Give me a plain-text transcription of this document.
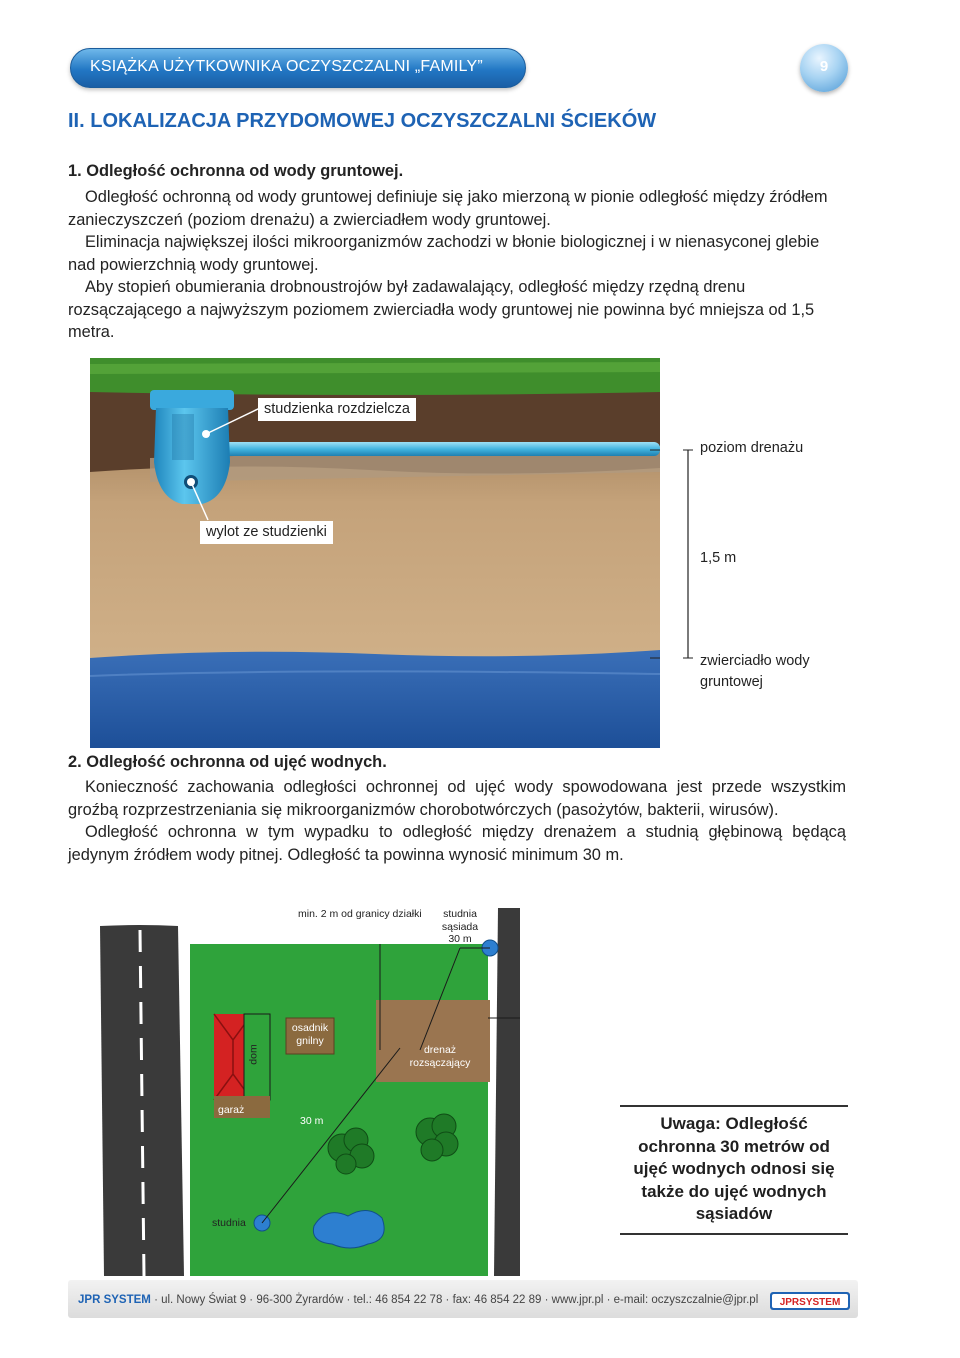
KSIĄŻKA UŻYTKOWNIKA OCZYSZCZALNI „FAMILY”	9
II. LOKALIZACJA PRZYDOMOWEJ OCZYSZCZALNI ŚCIEKÓW
1. Odległość ochronna od wody gruntowej.

Odległość ochronną od wody gruntowej definiuje się jako mierzoną w pionie odległość między źródłem zanieczyszczeń (poziom drenażu) a zwierciadłem wody gruntowej.

Eliminacja największej ilości mikroorganizmów zachodzi w błonie biologicznej i w nienasyconej glebie nad powierzchnią wody gruntowej.

Aby stopień obumierania drobnoustrojów był zadawalający, odległość między rzędną drenu rozsączającego a najwyższym poziomem zwierciadła wody gruntowej nie powinna być mniejsza od 1,5 metra.

studzienka rozdzielcza
wylot ze studzienki
poziom drenażu
1,5 m
zwierciadło wody gruntowej
2. Odległość ochronna od ujęć wodnych.

Konieczność zachowania odległości ochronnej od ujęć wody spowodowana jest przede wszystkim groźbą rozprzestrzeniania się mikroorganizmów chorobotwórczych (pasożytów, bakterii, wirusów).

Odległość ochronna w tym wypadku to odległość między drenażem a studnią głębinową będącą jedynym źródłem wody pitnej. Odległość ta powinna wynosić minimum 30 m.

min. 2 m od granicy działki	studnia sąsiada
30 m
min. 2 m od drogi
dom
osadnik gnilny
drenaż rozsączający
garaż
30 m
studnia
Uwaga: Odległość ochronna 30 metrów od ujęć wodnych odnosi się także do ujęć wodnych sąsiadów
JPR SYSTEM · ul. Nowy Świat 9 · 96-300 Żyrardów · tel.: 46 854 22 78 · fax: 46 854 22 89 · www.jpr.pl · e-mail: oczyszczalnie@jpr.pl JPRSYSTEM
